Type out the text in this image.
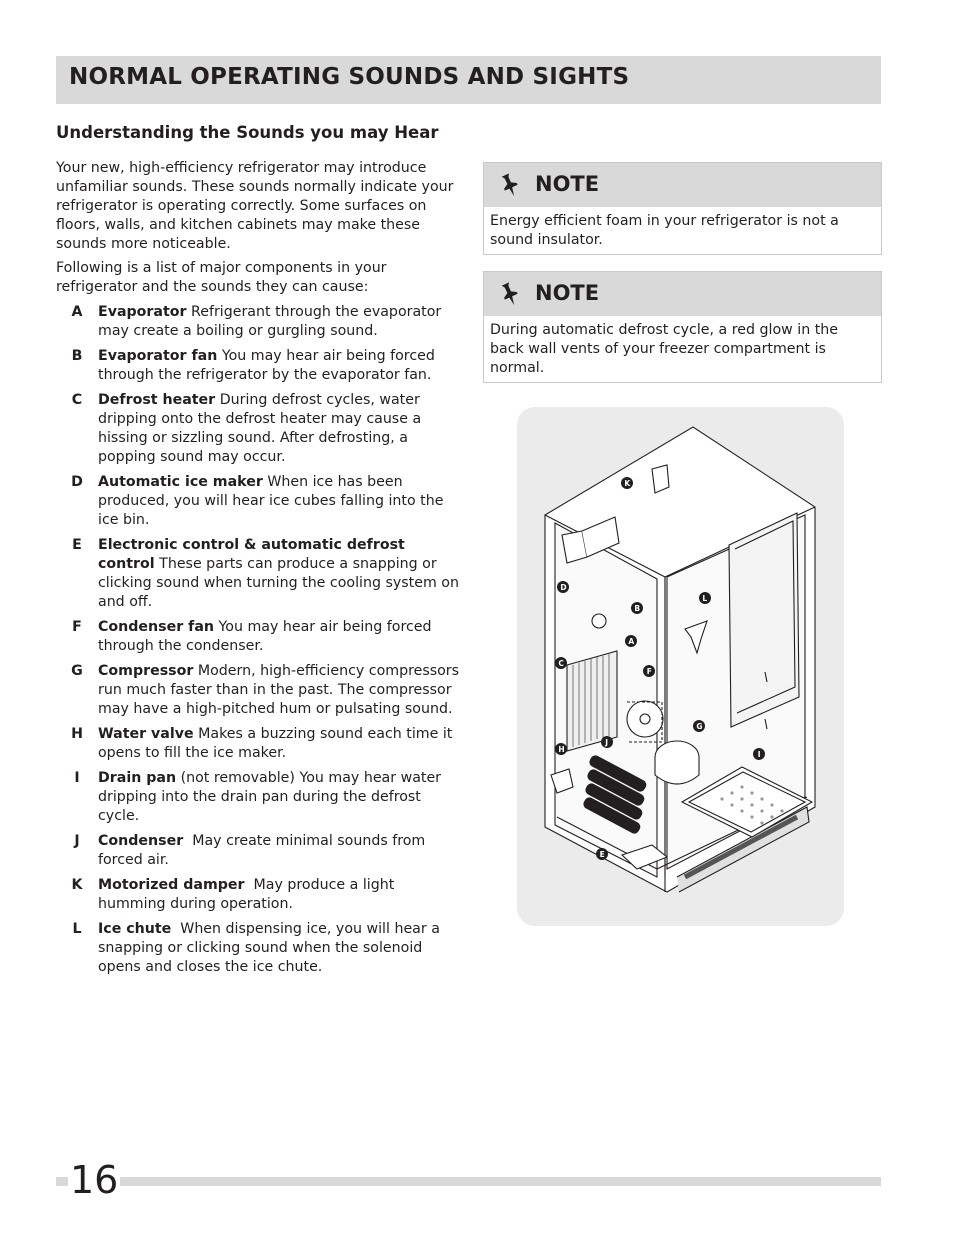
NORMAL OPERATING SOUNDS AND SIGHTS
Understanding the Sounds you may Hear

Your new, high-efficiency refrigerator may introduce unfamiliar sounds. These sounds normally indicate your refrigerator is operating correctly. Some surfaces on floors, walls, and kitchen cabinets may make these sounds more noticeable.

Following is a list of major components in your refrigerator and the sounds they can cause:

A	Evaporator Refrigerant through the evaporator may create a boiling or gurgling sound.
B	Evaporator fan You may hear air being forced through the refrigerator by the evaporator fan.
C	Defrost heater During defrost cycles, water dripping onto the defrost heater may cause a hissing or sizzling sound. After defrosting, a popping sound may occur.
D	Automatic ice maker When ice has been produced, you will hear ice cubes falling into the ice bin.
E	Electronic control & automatic defrost control These parts can produce a snapping or clicking sound when turning the cooling system on and off.
F	Condenser fan You may hear air being forced through the condenser.
G	Compressor Modern, high-efficiency compressors run much faster than in the past. The compressor may have a high-pitched hum or pulsating sound.
H	Water valve Makes a buzzing sound each time it opens to fill the ice maker.
I	Drain pan (not removable) You may hear water dripping into the drain pan during the defrost cycle.
J	Condenser  May create minimal sounds from forced air.
K	Motorized damper  May produce a light humming during operation.
L	Ice chute  When dispensing ice, you will hear a snapping or clicking sound when the solenoid opens and closes the ice chute.
NOTE

Energy efficient foam in your refrigerator is not a sound insulator.

NOTE

During automatic defrost cycle, a red glow in the back wall vents of your freezer compartment is normal.

K
D
B
L
A
C
F
G
H
J
I
E
16
